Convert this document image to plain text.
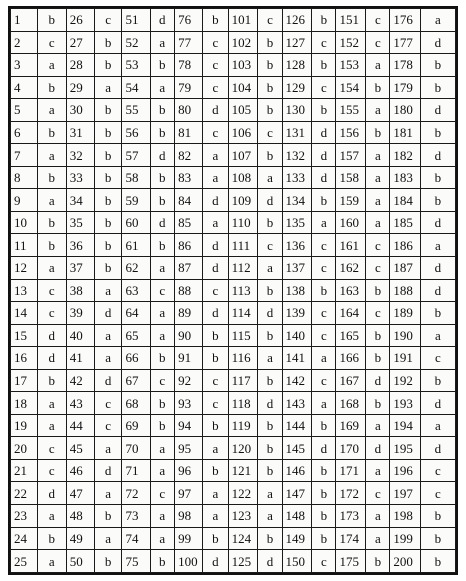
1	b	26	c	51	d	76	b	101	c	126	b	151	c	176	a
2	c	27	b	52	a	77	c	102	b	127	c	152	c	177	d
3	a	28	b	53	b	78	c	103	b	128	b	153	a	178	b
4	b	29	a	54	a	79	c	104	b	129	c	154	b	179	b
5	a	30	b	55	b	80	d	105	b	130	b	155	a	180	d
6	b	31	b	56	b	81	c	106	c	131	d	156	b	181	b
7	a	32	b	57	d	82	a	107	b	132	d	157	a	182	d
8	b	33	b	58	b	83	a	108	a	133	d	158	a	183	b
9	a	34	b	59	b	84	d	109	d	134	b	159	a	184	b
10	b	35	b	60	d	85	a	110	b	135	a	160	a	185	d
11	b	36	b	61	b	86	d	111	c	136	c	161	c	186	a
12	a	37	b	62	a	87	d	112	a	137	c	162	c	187	d
13	c	38	a	63	c	88	c	113	b	138	b	163	b	188	d
14	c	39	d	64	a	89	d	114	d	139	c	164	c	189	b
15	d	40	a	65	a	90	b	115	b	140	c	165	b	190	a
16	d	41	a	66	b	91	b	116	a	141	a	166	b	191	c
17	b	42	d	67	c	92	c	117	b	142	c	167	d	192	b
18	a	43	c	68	b	93	c	118	d	143	a	168	b	193	d
19	a	44	c	69	b	94	b	119	b	144	b	169	a	194	a
20	c	45	a	70	a	95	a	120	b	145	d	170	d	195	d
21	c	46	d	71	a	96	b	121	b	146	b	171	a	196	c
22	d	47	a	72	c	97	a	122	a	147	b	172	c	197	c
23	a	48	b	73	a	98	a	123	a	148	b	173	a	198	b
24	b	49	a	74	a	99	b	124	b	149	b	174	a	199	b
25	a	50	b	75	b	100	d	125	d	150	c	175	b	200	b
